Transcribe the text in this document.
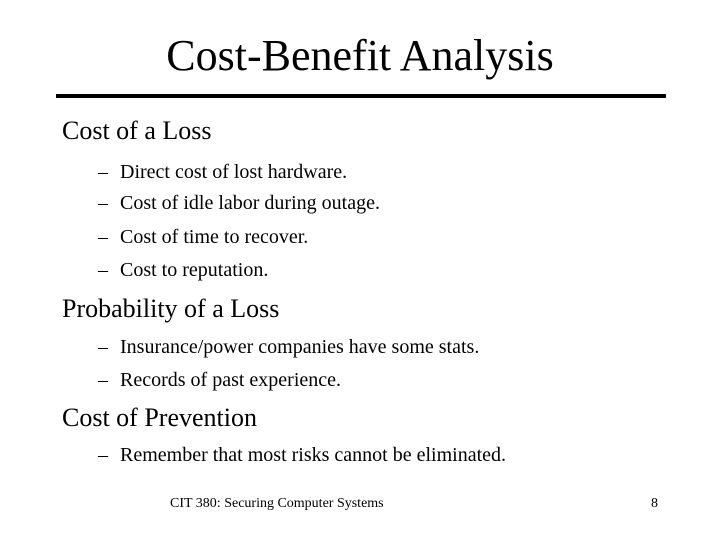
Cost-Benefit Analysis
Cost of a Loss
– Direct cost of lost hardware.
– Cost of idle labor during outage.
– Cost of time to recover.
– Cost to reputation.
Probability of a Loss
– Insurance/power companies have some stats.
– Records of past experience.
Cost of Prevention
– Remember that most risks cannot be eliminated.
CIT 380: Securing Computer Systems	8
